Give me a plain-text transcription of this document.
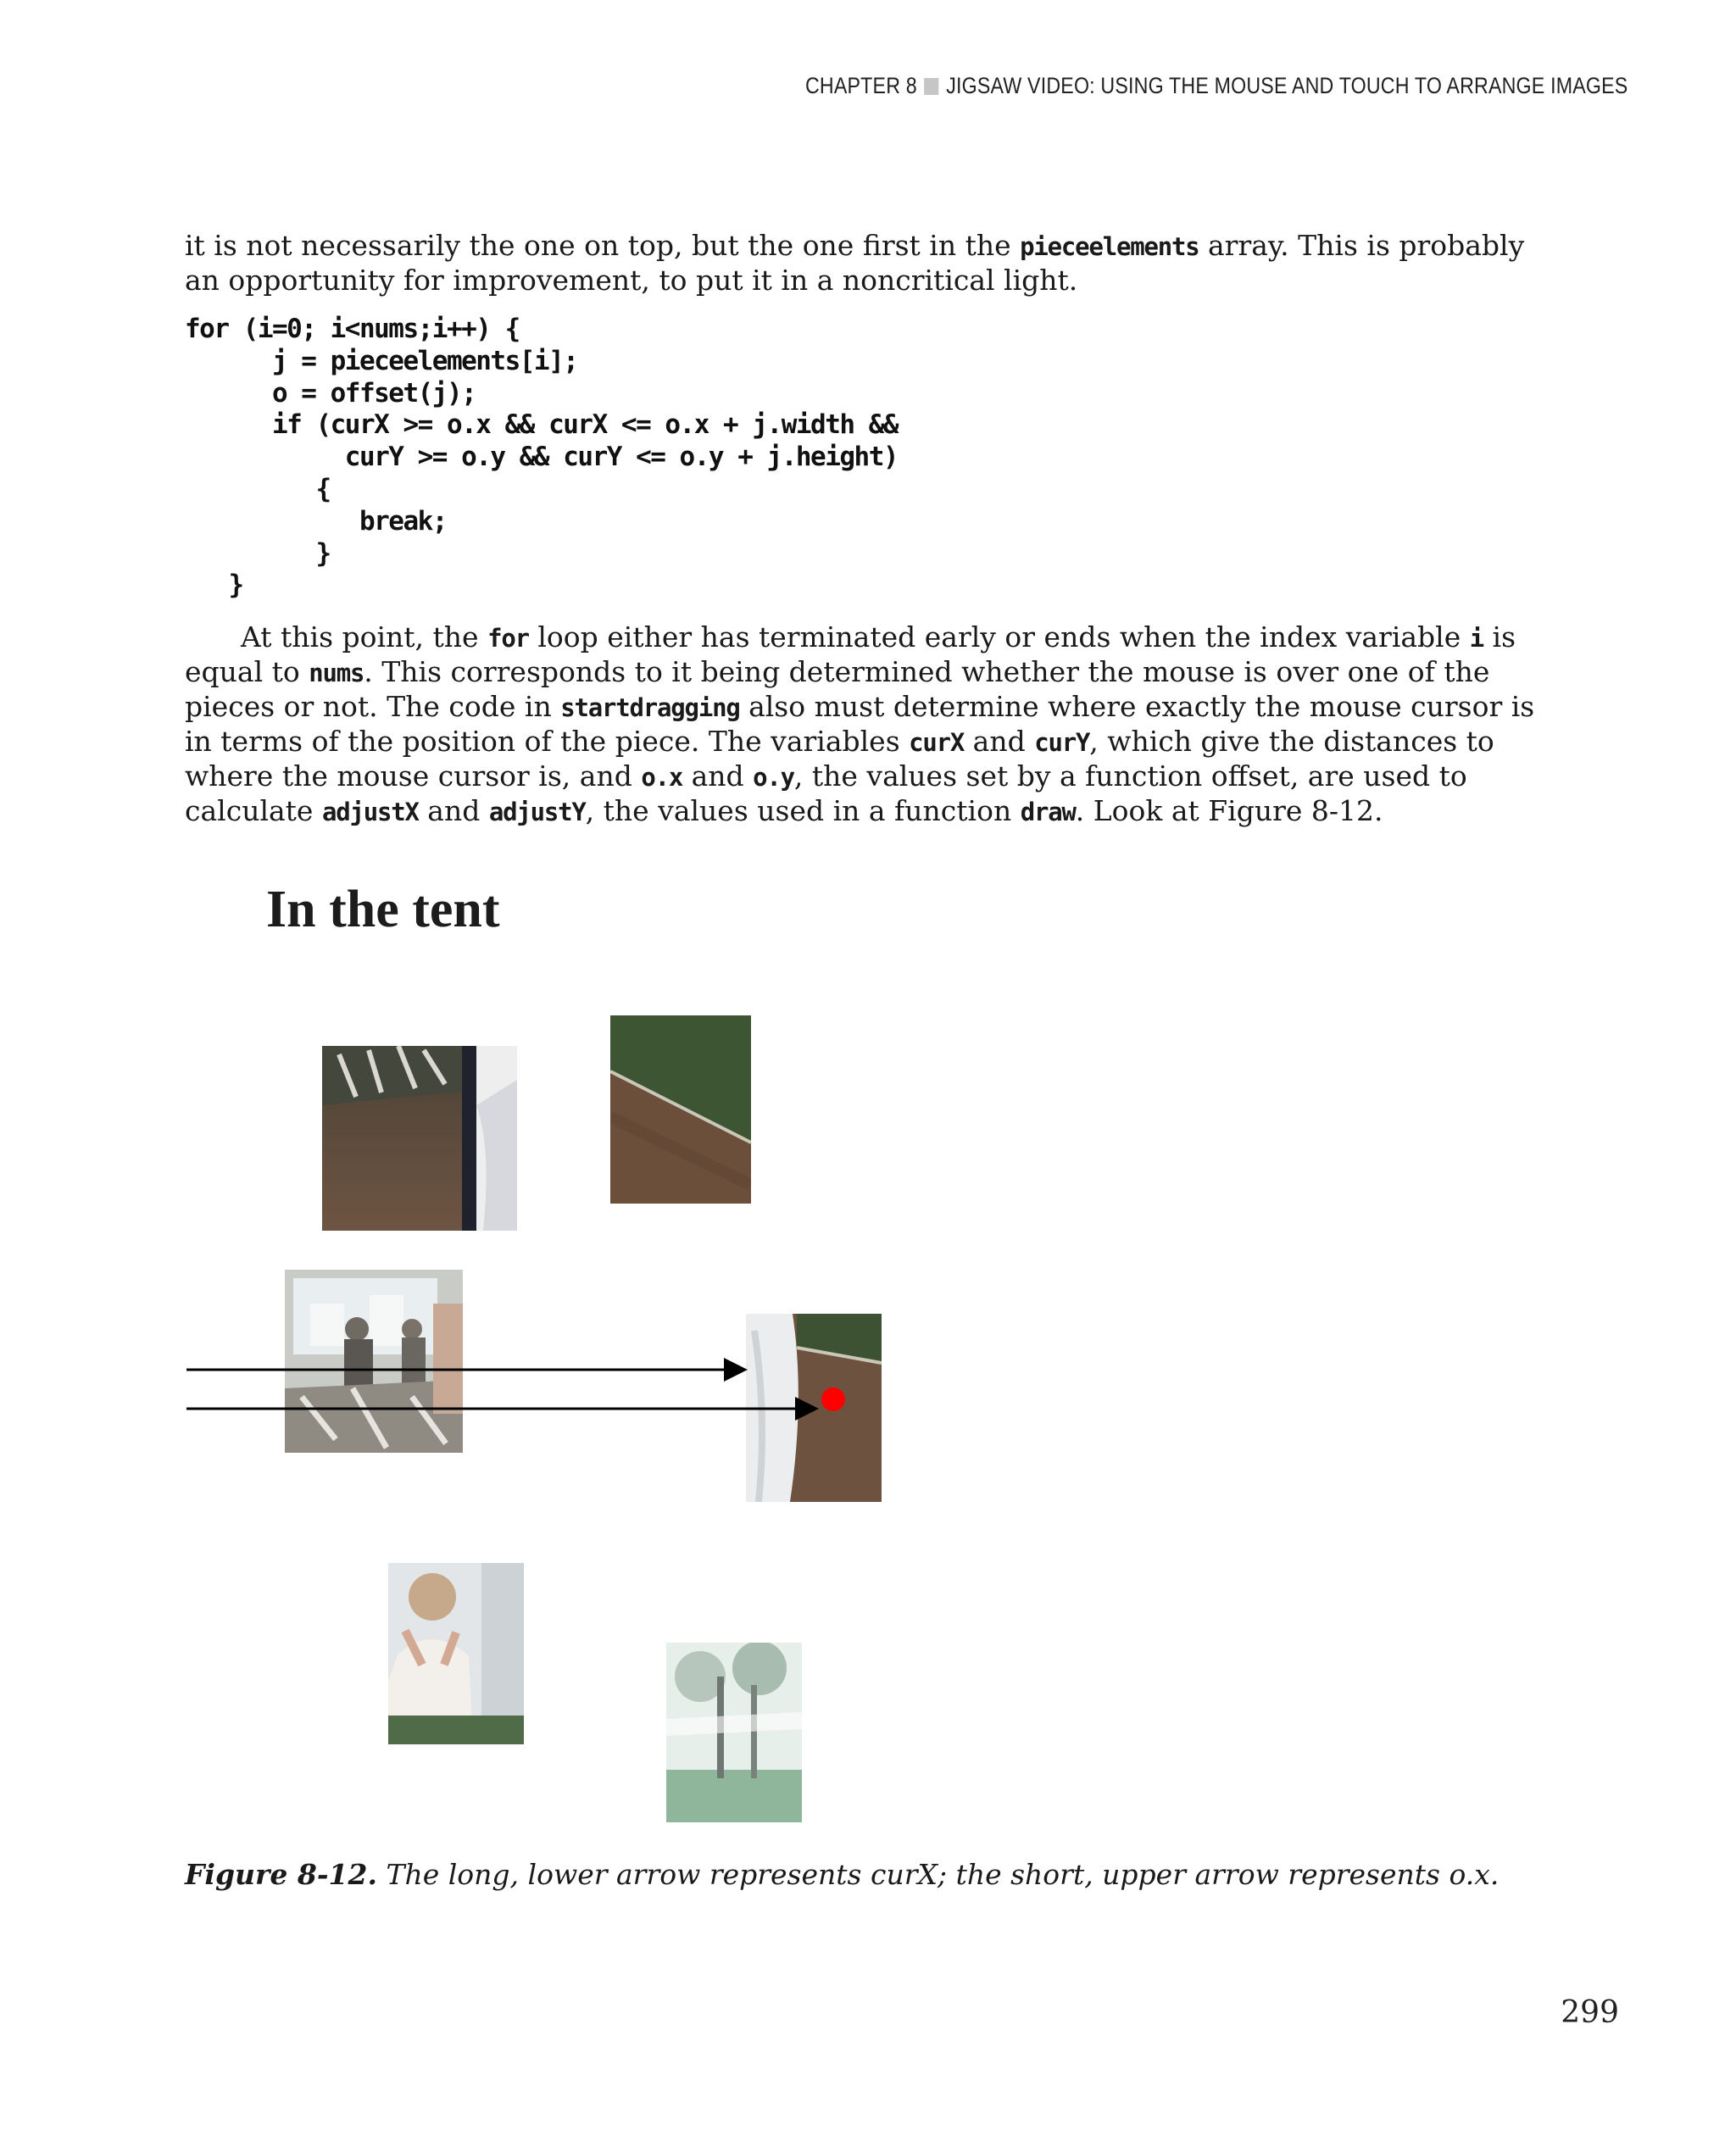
CHAPTER 8 JIGSAW VIDEO: USING THE MOUSE AND TOUCH TO ARRANGE IMAGES

it is not necessarily the one on top, but the one first in the pieceelements array. This is probably an opportunity for improvement, to put it in a noncritical light.

for (i=0; i<nums;i++) {
j = pieceelements[i];
o = offset(j);
if (curX >= o.x && curX <= o.x + j.width &&
curY >= o.y && curY <= o.y + j.height)
{
break;
}
}

At this point, the for loop either has terminated early or ends when the index variable i is equal to nums. This corresponds to it being determined whether the mouse is over one of the pieces or not. The code in startdragging also must determine where exactly the mouse cursor is in terms of the position of the piece. The variables curX and curY, which give the distances to where the mouse cursor is, and o.x and o.y, the values set by a function offset, are used to calculate adjustX and adjustY, the values used in a function draw. Look at Figure 8-12.

In the tent

Figure 8-12. The long, lower arrow represents curX; the short, upper arrow represents o.x.

299
